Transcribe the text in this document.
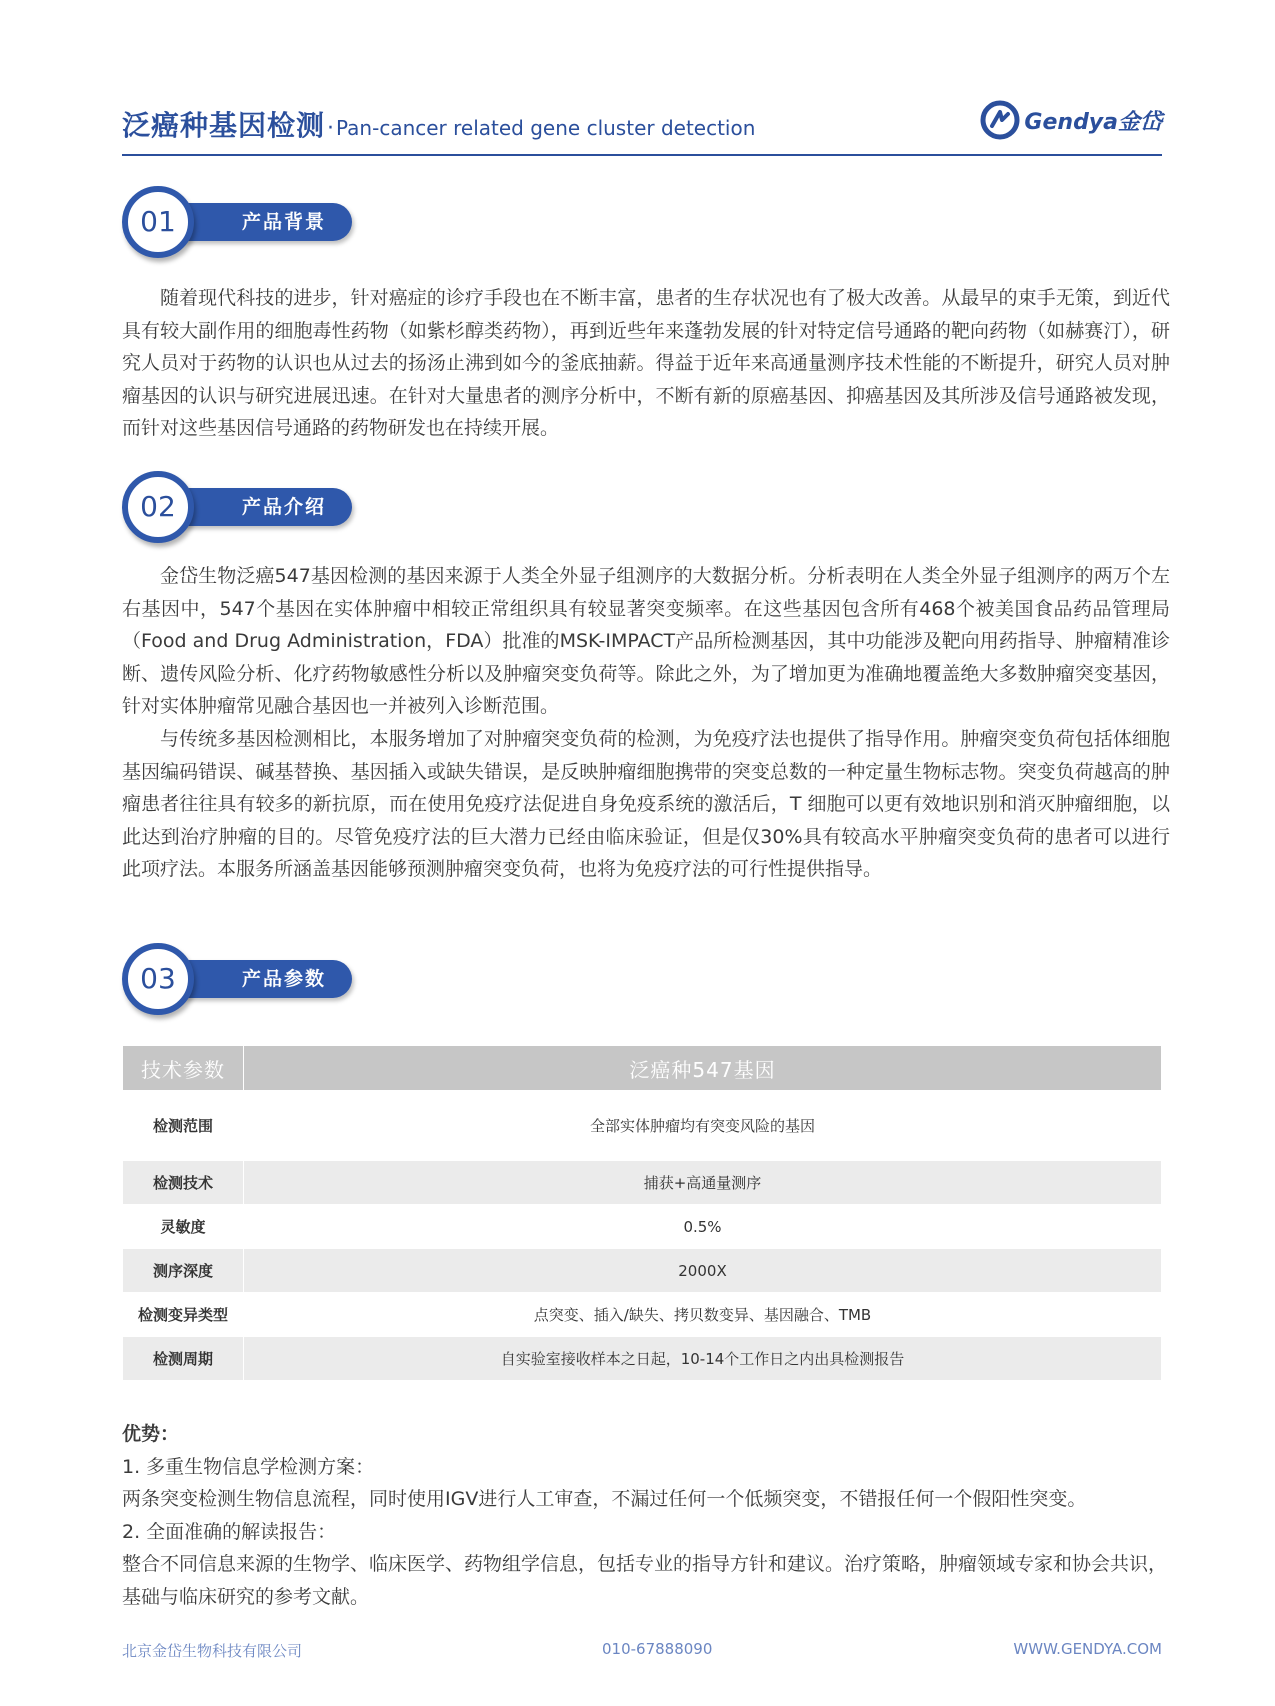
泛癌种基因检测· Pan-cancer related gene cluster detection	Gendya金岱
产品背景
01

随着现代科技的进步，针对癌症的诊疗手段也在不断丰富，患者的生存状况也有了极大改善。从最早的束手无策，到近代具有较大副作用的细胞毒性药物（如紫杉醇类药物），再到近些年来蓬勃发展的针对特定信号通路的靶向药物（如赫赛汀），研究人员对于药物的认识也从过去的扬汤止沸到如今的釜底抽薪。得益于近年来高通量测序技术性能的不断提升，研究人员对肿瘤基因的认识与研究进展迅速。在针对大量患者的测序分析中，不断有新的原癌基因、抑癌基因及其所涉及信号通路被发现，而针对这些基因信号通路的药物研发也在持续开展。

产品介绍
02

金岱生物泛癌547基因检测的基因来源于人类全外显子组测序的大数据分析。分析表明在人类全外显子组测序的两万个左右基因中，547个基因在实体肿瘤中相较正常组织具有较显著突变频率。在这些基因包含所有468个被美国食品药品管理局（Food and Drug Administration，FDA）批准的MSK-IMPACT产品所检测基因，其中功能涉及靶向用药指导、肿瘤精准诊断、遗传风险分析、化疗药物敏感性分析以及肿瘤突变负荷等。除此之外，为了增加更为准确地覆盖绝大多数肿瘤突变基因，针对实体肿瘤常见融合基因也一并被列入诊断范围。

与传统多基因检测相比，本服务增加了对肿瘤突变负荷的检测，为免疫疗法也提供了指导作用。肿瘤突变负荷包括体细胞基因编码错误、碱基替换、基因插入或缺失错误，是反映肿瘤细胞携带的突变总数的一种定量生物标志物。突变负荷越高的肿瘤患者往往具有较多的新抗原，而在使用免疫疗法促进自身免疫系统的激活后，T 细胞可以更有效地识别和消灭肿瘤细胞，以此达到治疗肿瘤的目的。尽管免疫疗法的巨大潜力已经由临床验证，但是仅30%具有较高水平肿瘤突变负荷的患者可以进行此项疗法。本服务所涵盖基因能够预测肿瘤突变负荷，也将为免疫疗法的可行性提供指导。

产品参数
03
技术参数	泛癌种547基因
检测范围	全部实体肿瘤均有突变风险的基因
检测技术	捕获+高通量测序
灵敏度	0.5%
测序深度	2000X
检测变异类型	点突变、插入/缺失、拷贝数变异、基因融合、TMB
检测周期	自实验室接收样本之日起，10-14个工作日之内出具检测报告
优势：
1. 多重生物信息学检测方案：
两条突变检测生物信息流程，同时使用IGV进行人工审查，不漏过任何一个低频突变，不错报任何一个假阳性突变。
2. 全面准确的解读报告：
整合不同信息来源的生物学、临床医学、药物组学信息，包括专业的指导方针和建议。治疗策略，肿瘤领域专家和协会共识，基础与临床研究的参考文献。
北京金岱生物科技有限公司	010-67888090	WWW.GENDYA.COM
